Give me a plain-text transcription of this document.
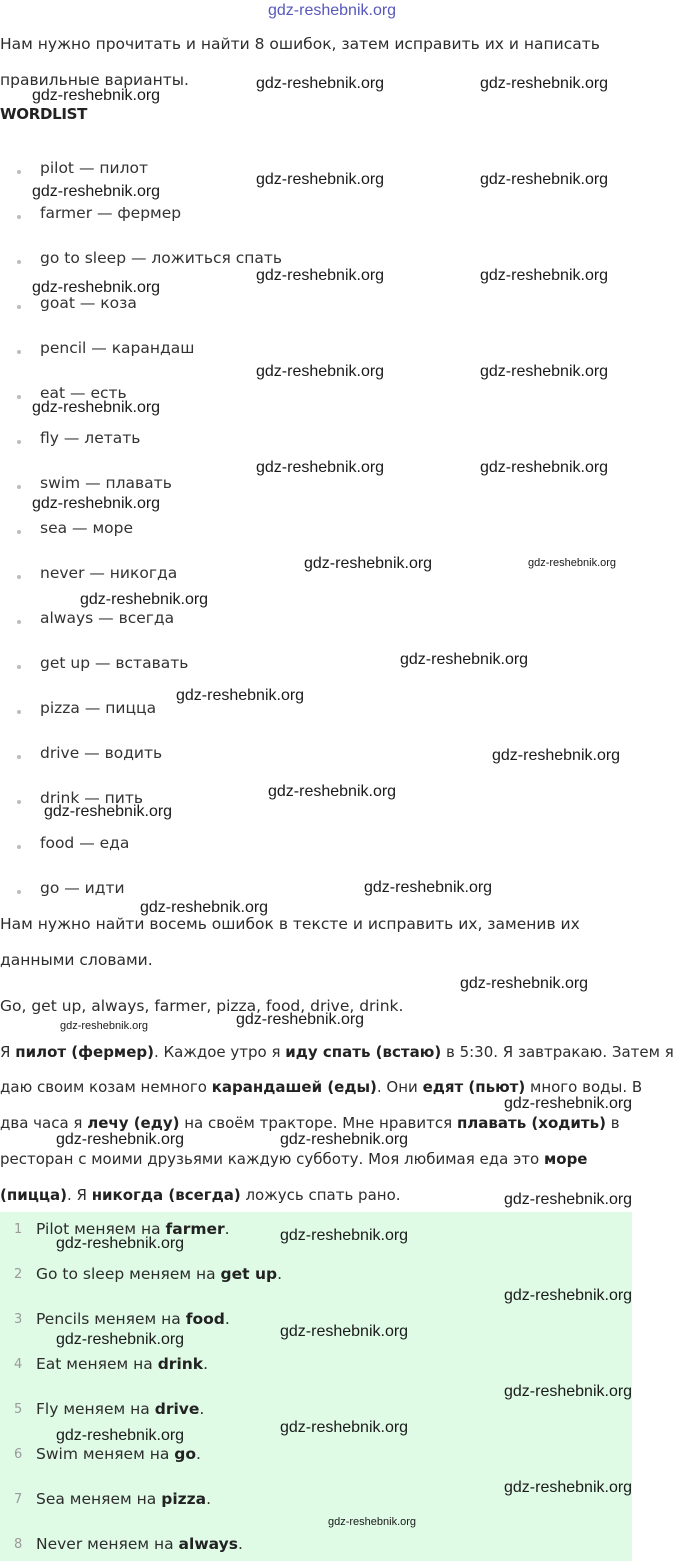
gdz-reshebnik.org
Нам нужно прочитать и найти 8 ошибок, затем исправить их и написать
правильные варианты.
WORDLIST
pilot — пилот
farmer — фермер
go to sleep — ложиться спать
goat — коза
pencil — карандаш
eat — есть
fly — летать
swim — плавать
sea — море
never — никогда
always — всегда
get up — вставать
pizza — пицца
drive — водить
drink — пить
food — еда
go — идти
Нам нужно найти восемь ошибок в тексте и исправить их, заменив их
данными словами.
Go, get up, always, farmer, pizza, food, drive, drink.
Я пилот (фермер). Каждое утро я иду спать (встаю) в 5:30. Я завтракаю. Затем я
даю своим козам немного карандашей (еды). Они едят (пьют) много воды. В
два часа я лечу (еду) на своём тракторе. Мне нравится плавать (ходить) в
ресторан с моими друзьями каждую субботу. Моя любимая еда это море
(пицца). Я никогда (всегда) ложусь спать рано.
1 Pilot меняем на farmer.
2 Go to sleep меняем на get up.
3 Pencils меняем на food.
4 Eat меняем на drink.
5 Fly меняем на drive.
6 Swim меняем на go.
7 Sea меняем на pizza.
8 Never меняем на always.
gdz-reshebnik.org
gdz-reshebnik.org	gdz-reshebnik.org
gdz-reshebnik.org
gdz-reshebnik.org	gdz-reshebnik.org
gdz-reshebnik.org
gdz-reshebnik.org	gdz-reshebnik.org
gdz-reshebnik.org
gdz-reshebnik.org	gdz-reshebnik.org
gdz-reshebnik.org
gdz-reshebnik.org	gdz-reshebnik.org
gdz-reshebnik.org	gdz-reshebnik.org
gdz-reshebnik.org
gdz-reshebnik.org
gdz-reshebnik.org
gdz-reshebnik.org
gdz-reshebnik.org
gdz-reshebnik.org
gdz-reshebnik.org
gdz-reshebnik.org
gdz-reshebnik.org
gdz-reshebnik.org	gdz-reshebnik.org
gdz-reshebnik.org
gdz-reshebnik.org	gdz-reshebnik.org
gdz-reshebnik.org
gdz-reshebnik.org	gdz-reshebnik.org
gdz-reshebnik.org
gdz-reshebnik.org	gdz-reshebnik.org
gdz-reshebnik.org
gdz-reshebnik.org	gdz-reshebnik.org
gdz-reshebnik.org
gdz-reshebnik.org
